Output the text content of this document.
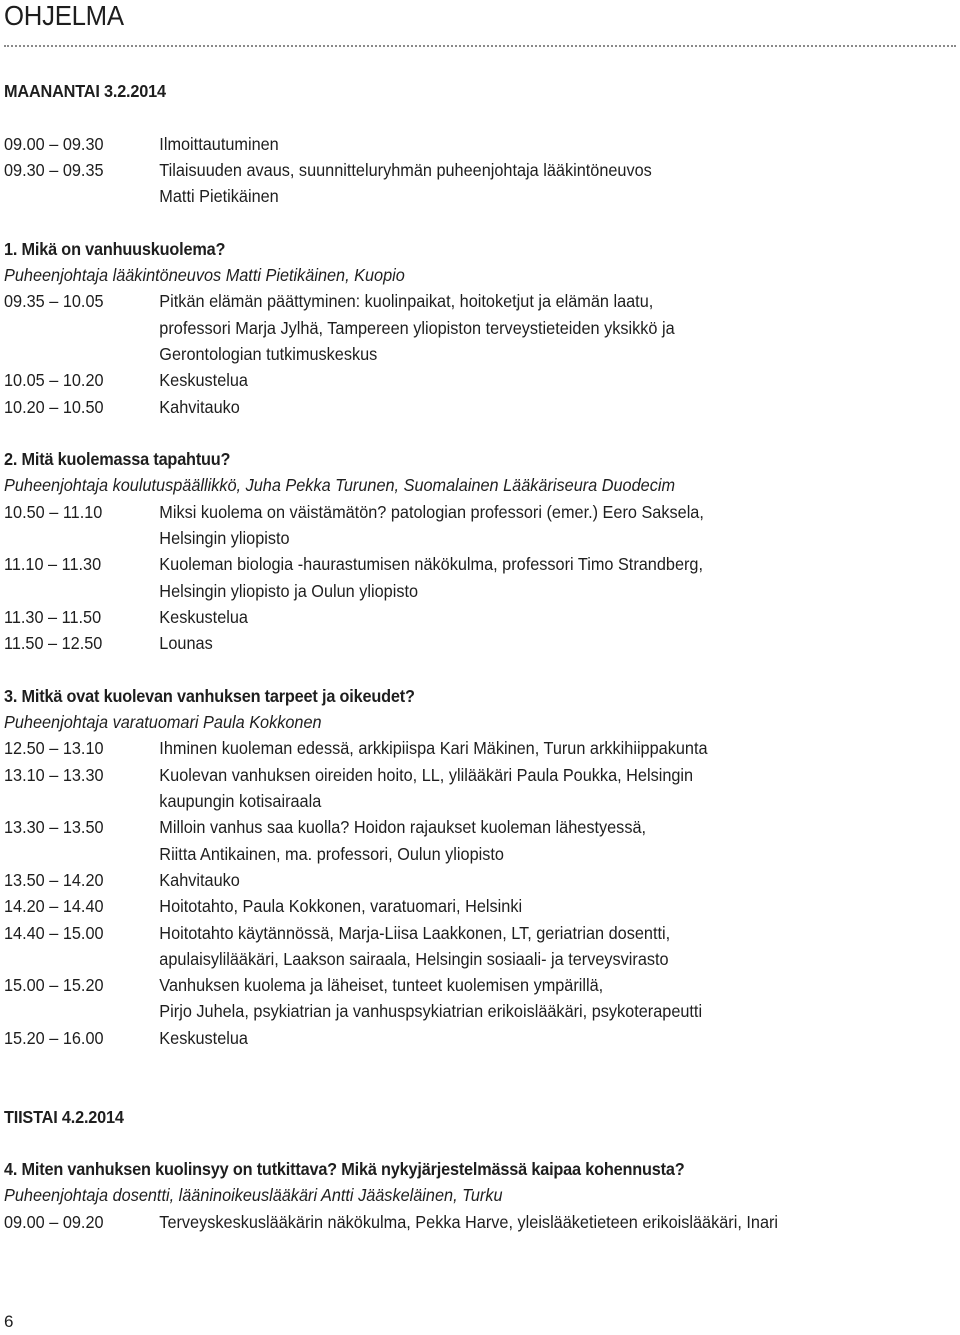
OHJELMA
MAANANTAI 3.2.2014
09.00 – 09.30	Ilmoittautuminen
09.30 – 09.35	Tilaisuuden avaus, suunnitteluryhmän puheenjohtaja lääkintöneuvos
Matti Pietikäinen
1. Mikä on vanhuuskuolema?
Puheenjohtaja lääkintöneuvos Matti Pietikäinen, Kuopio
09.35 – 10.05	Pitkän elämän päättyminen: kuolinpaikat, hoitoketjut ja elämän laatu,
professori Marja Jylhä, Tampereen yliopiston terveystieteiden yksikkö ja
Gerontologian tutkimuskeskus
10.05 – 10.20	Keskustelua
10.20 – 10.50	Kahvitauko
2. Mitä kuolemassa tapahtuu?
Puheenjohtaja koulutuspäällikkö, Juha Pekka Turunen, Suomalainen Lääkäriseura Duodecim
10.50 – 11.10	Miksi kuolema on väistämätön? patologian professori (emer.) Eero Saksela,
Helsingin yliopisto
11.10 – 11.30	Kuoleman biologia -haurastumisen näkökulma, professori Timo Strandberg,
Helsingin yliopisto ja Oulun yliopisto
11.30 – 11.50	Keskustelua
11.50 – 12.50	Lounas
3. Mitkä ovat kuolevan vanhuksen tarpeet ja oikeudet?
Puheenjohtaja varatuomari Paula Kokkonen
12.50 – 13.10	Ihminen kuoleman edessä, arkkipiispa Kari Mäkinen, Turun arkkihiippakunta
13.10 – 13.30	Kuolevan vanhuksen oireiden hoito, LL, ylilääkäri Paula Poukka, Helsingin
kaupungin kotisairaala
13.30 – 13.50	Milloin vanhus saa kuolla? Hoidon rajaukset kuoleman lähestyessä,
Riitta Antikainen, ma. professori, Oulun yliopisto
13.50 – 14.20	Kahvitauko
14.20 – 14.40	Hoitotahto, Paula Kokkonen, varatuomari, Helsinki
14.40 – 15.00	Hoitotahto käytännössä, Marja-Liisa Laakkonen, LT, geriatrian dosentti,
apulaisylilääkäri, Laakson sairaala, Helsingin sosiaali- ja terveysvirasto
15.00 – 15.20	Vanhuksen kuolema ja läheiset, tunteet kuolemisen ympärillä,
Pirjo Juhela, psykiatrian ja vanhuspsykiatrian erikoislääkäri, psykoterapeutti
15.20 – 16.00	Keskustelua
TIISTAI 4.2.2014
4. Miten vanhuksen kuolinsyy on tutkittava? Mikä nykyjärjestelmässä kaipaa kohennusta?
Puheenjohtaja dosentti, lääninoikeuslääkäri Antti Jääskeläinen, Turku
09.00 – 09.20	Terveyskeskuslääkärin näkökulma, Pekka Harve, yleislääketieteen erikoislääkäri, Inari
6
